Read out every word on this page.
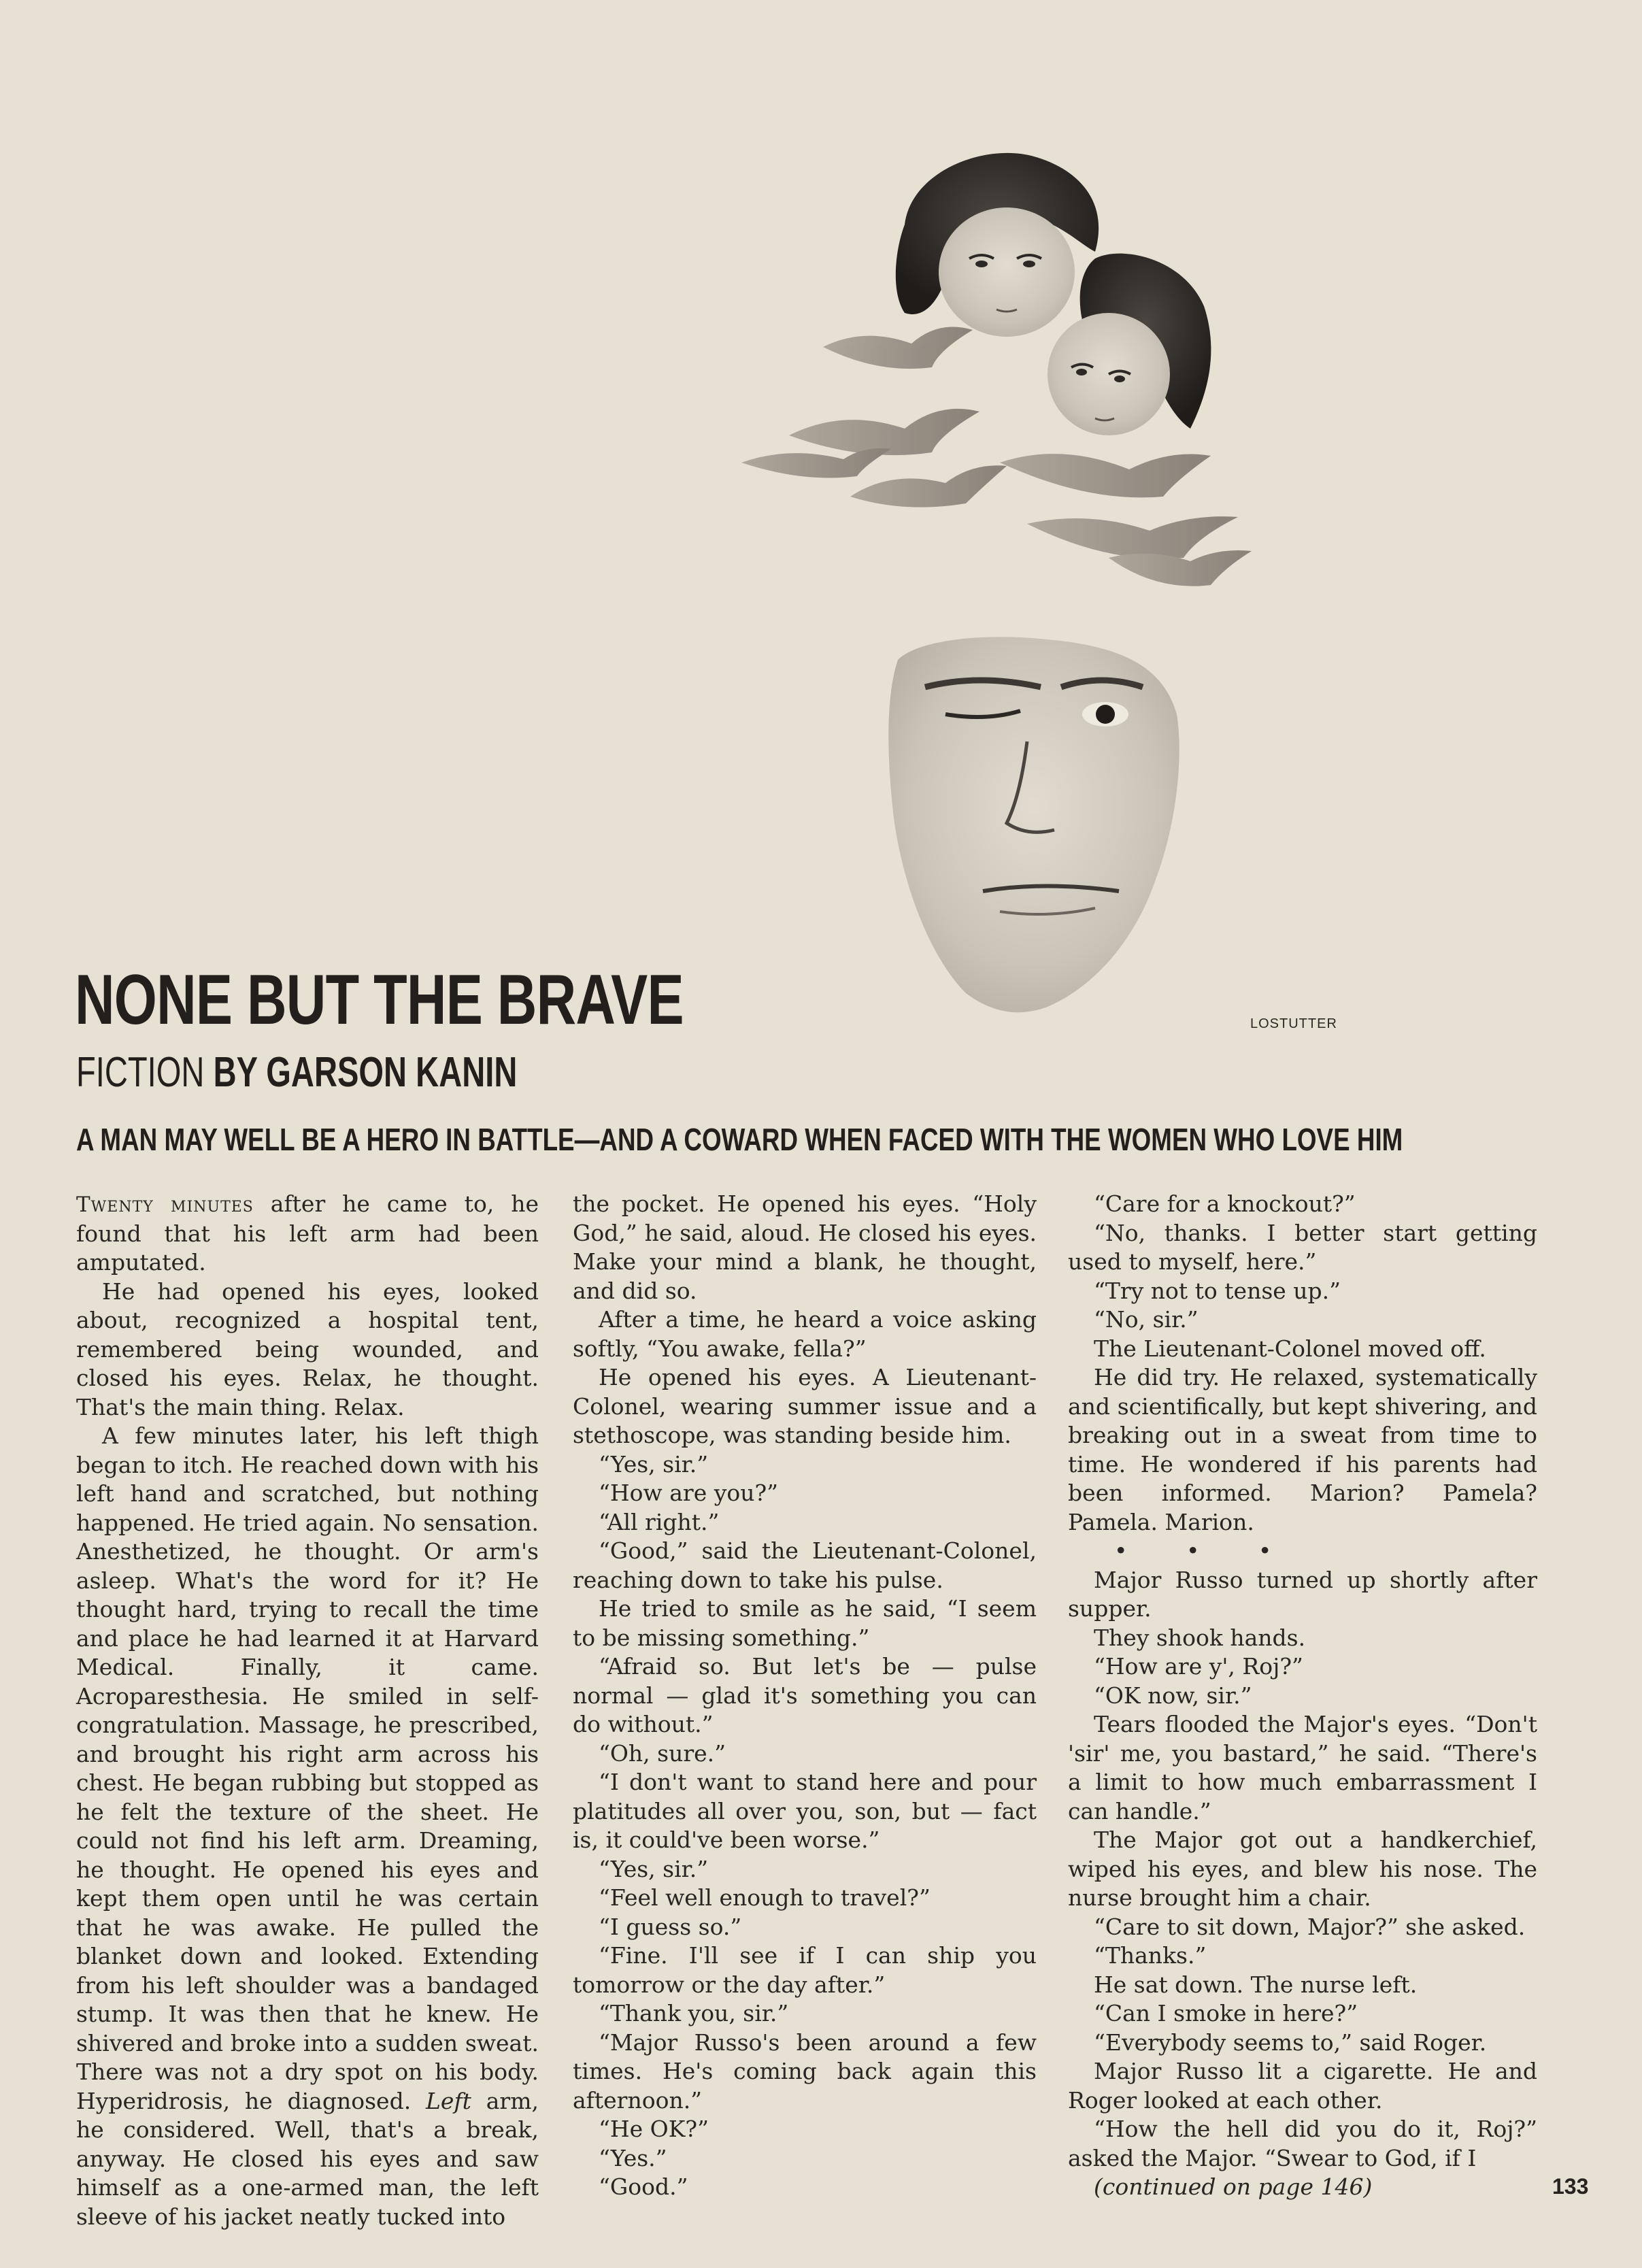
LOSTUTTER
NONE BUT THE BRAVE
FICTION BY GARSON KANIN
A MAN MAY WELL BE A HERO IN BATTLE—AND A COWARD WHEN FACED WITH THE WOMEN WHO LOVE HIM

Twenty minutes after he came to, he found that his left arm had been amputated.

He had opened his eyes, looked about, recognized a hospital tent, remembered being wounded, and closed his eyes. Relax, he thought. That's the main thing. Relax.

A few minutes later, his left thigh began to itch. He reached down with his left hand and scratched, but nothing happened. He tried again. No sensation. Anesthetized, he thought. Or arm's asleep. What's the word for it? He thought hard, trying to recall the time and place he had learned it at Harvard Medical. Finally, it came. Acroparesthesia. He smiled in self-congratulation. Massage, he prescribed, and brought his right arm across his chest. He began rubbing but stopped as he felt the texture of the sheet. He could not find his left arm. Dreaming, he thought. He opened his eyes and kept them open until he was certain that he was awake. He pulled the blanket down and looked. Extending from his left shoulder was a bandaged stump. It was then that he knew. He shivered and broke into a sudden sweat. There was not a dry spot on his body. Hyperidrosis, he diagnosed. Left arm, he considered. Well, that's a break, anyway. He closed his eyes and saw himself as a one-armed man, the left sleeve of his jacket neatly tucked into

the pocket. He opened his eyes. “Holy God,” he said, aloud. He closed his eyes. Make your mind a blank, he thought, and did so.

After a time, he heard a voice asking softly, “You awake, fella?”

He opened his eyes. A Lieutenant-Colonel, wearing summer issue and a stethoscope, was standing beside him.

“Yes, sir.”

“How are you?”

“All right.”

“Good,” said the Lieutenant-Colonel, reaching down to take his pulse.

He tried to smile as he said, “I seem to be missing something.”

“Afraid so. But let's be — pulse normal — glad it's something you can do without.”

“Oh, sure.”

“I don't want to stand here and pour platitudes all over you, son, but — fact is, it could've been worse.”

“Yes, sir.”

“Feel well enough to travel?”

“I guess so.”

“Fine. I'll see if I can ship you tomorrow or the day after.”

“Thank you, sir.”

“Major Russo's been around a few times. He's coming back again this afternoon.”

“He OK?”

“Yes.”

“Good.”

“Care for a knockout?”

“No, thanks. I better start getting used to myself, here.”

“Try not to tense up.”

“No, sir.”

The Lieutenant-Colonel moved off.

He did try. He relaxed, systematically and scientifically, but kept shivering, and breaking out in a sweat from time to time. He wondered if his parents had been informed. Marion? Pamela? Pamela. Marion.

• • •

Major Russo turned up shortly after supper.

They shook hands.

“How are y', Roj?”

“OK now, sir.”

Tears flooded the Major's eyes. “Don't 'sir' me, you bastard,” he said. “There's a limit to how much embarrassment I can handle.”

The Major got out a handkerchief, wiped his eyes, and blew his nose. The nurse brought him a chair.

“Care to sit down, Major?” she asked.

“Thanks.”

He sat down. The nurse left.

“Can I smoke in here?”

“Everybody seems to,” said Roger.

Major Russo lit a cigarette. He and Roger looked at each other.

“How the hell did you do it, Roj?” asked the Major. “Swear to God, if I

(continued on page 146)	133
